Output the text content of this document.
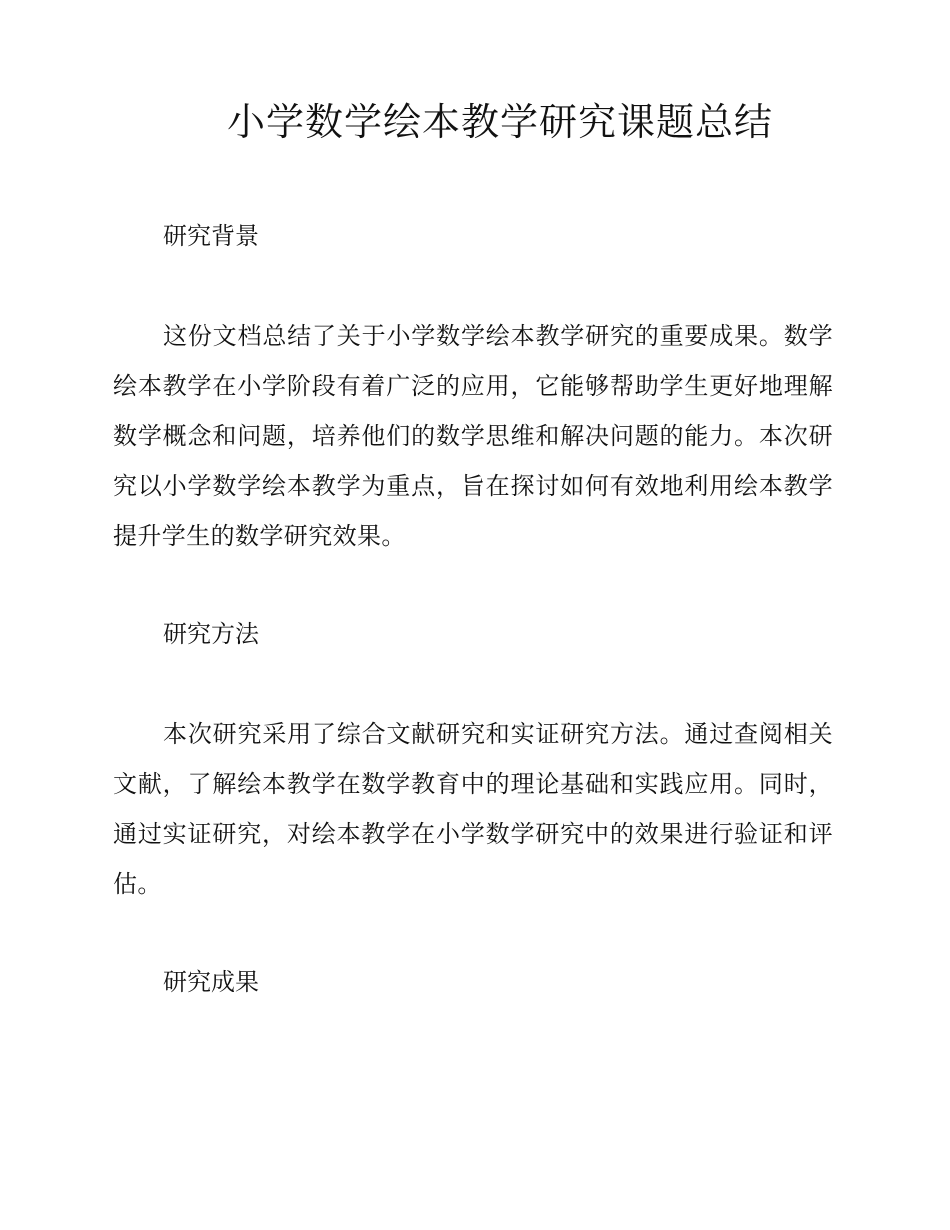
小学数学绘本教学研究课题总结
研究背景

这份文档总结了关于小学数学绘本教学研究的重要成果。数学绘本教学在小学阶段有着广泛的应用，它能够帮助学生更好地理解数学概念和问题，培养他们的数学思维和解决问题的能力。本次研究以小学数学绘本教学为重点，旨在探讨如何有效地利用绘本教学提升学生的数学研究效果。

研究方法

本次研究采用了综合文献研究和实证研究方法。通过查阅相关文献，了解绘本教学在数学教育中的理论基础和实践应用。同时，通过实证研究，对绘本教学在小学数学研究中的效果进行验证和评估。

研究成果
